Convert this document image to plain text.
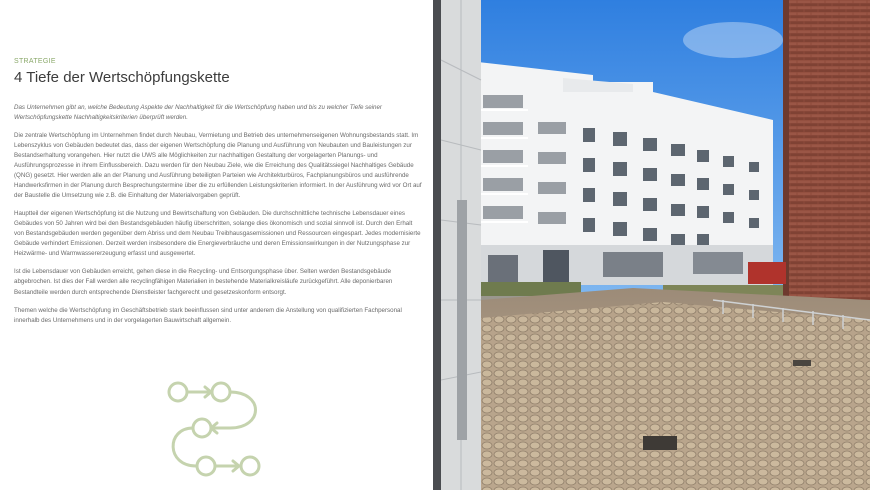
STRATEGIE
4 Tiefe der Wertschöpfungskette

Das Unternehmen gibt an, welche Bedeutung Aspekte der Nachhaltigkeit für die Wertschöpfung haben und bis zu welcher Tiefe seiner Wertschöpfungskette Nachhaltigkeitskriterien überprüft werden.

Die zentrale Wertschöpfung im Unternehmen findet durch Neubau, Vermietung und Betrieb des unternehmenseigenen Wohnungsbestands statt. Im Lebenszyklus von Gebäuden bedeutet das, dass der eigenen Wertschöpfung die Planung und Ausführung von Neubauten und Bauleistungen zur Bestandserhaltung vorangehen. Hier nutzt die UWS alle Möglichkeiten zur nachhaltigen Gestaltung der vorgelagerten Planungs- und Ausführungsprozesse in ihrem Einflussbereich. Dazu werden für den Neubau Ziele, wie die Erreichung des Qualitätssiegel Nachhaltiges Gebäude (QNG) gesetzt. Hier werden alle an der Planung und Ausführung beteiligten Parteien wie Architekturbüros, Fachplanungsbüros und ausführende Handwerksfirmen in der Planung durch Besprechungstermine über die zu erfüllenden Leistungskriterien informiert. In der Ausführung wird vor Ort auf der Baustelle die Umsetzung wie z.B. die Einhaltung der Materialvorgaben geprüft.

Hauptteil der eigenen Wertschöpfung ist die Nutzung und Bewirtschaftung von Gebäuden. Die durchschnittliche technische Lebensdauer eines Gebäudes von 50 Jahren wird bei den Bestandsgebäuden häufig überschritten, solange dies ökonomisch und sozial sinnvoll ist. Durch den Erhalt von Bestandsgebäuden werden gegenüber dem Abriss und dem Neubau Treibhausgasemissionen und Ressourcen eingespart. Jedes modernisierte Gebäude verhindert Emissionen. Derzeit werden insbesondere die Energieverbräuche und deren Emissionswirkungen in der Nutzungsphase zur Heizwärme- und Warmwassererzeugung erfasst und ausgewertet.

Ist die Lebensdauer von Gebäuden erreicht, gehen diese in die Recycling- und Entsorgungsphase über. Selten werden Bestandsgebäude abgebrochen. Ist dies der Fall werden alle recyclingfähigen Materialien in bestehende Materialkreisläufe zurückgeführt. Alle deponierbaren Bestandteile werden durch entsprechende Dienstleister fachgerecht und gesetzeskonform entsorgt.

Themen welche die Wertschöpfung im Geschäftsbetrieb stark beeinflussen sind unter anderem die Anstellung von qualifizierten Fachpersonal innerhalb des Unternehmens und in der vorgelagerten Bauwirtschaft allgemein.
